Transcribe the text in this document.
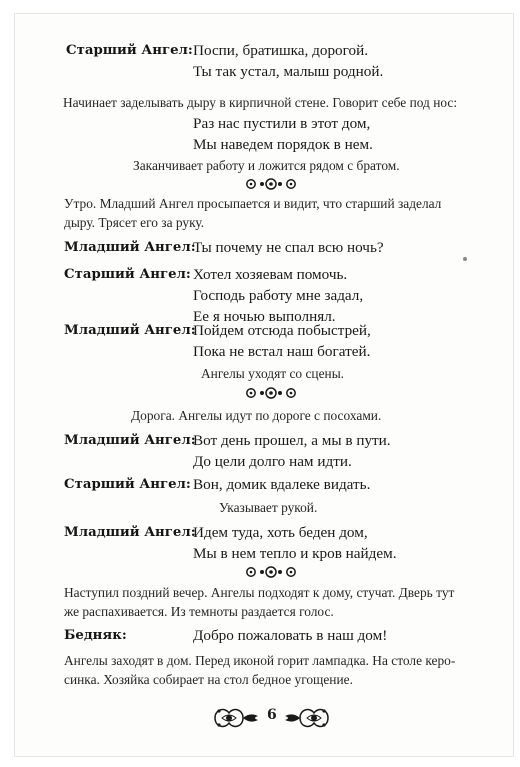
Старший Ангел: Поспи, братишка, дорогой.
Ты так устал, малыш родной.
Начинает заделывать дыру в кирпичной стене. Говорит себе под нос:
Раз нас пустили в этот дом,
Мы наведем порядок в нем.
Заканчивает работу и ложится рядом с братом.
Утро. Младший Ангел просыпается и видит, что старший заделал
дыру. Трясет его за руку.
Младший Ангел:
Ты почему не спал всю ночь?
Старший Ангел: Хотел хозяевам помочь.
Господь работу мне задал,
Ее я ночью выполнял.
Младший Ангел:
Пойдем отсюда побыстрей,
Пока не встал наш богатей.
Ангелы уходят со сцены.
Дорога. Ангелы идут по дороге с посохами.
Младший Ангел:
Вот день прошел, а мы в пути.
До цели долго нам идти.
Старший Ангел: Вон, домик вдалеке видать.
Указывает рукой.
Младший Ангел:
Идем туда, хоть беден дом,
Мы в нем тепло и кров найдем.
Наступил поздний вечер. Ангелы подходят к дому, стучат. Дверь тут
же распахивается. Из темноты раздается голос.
Бедняк:	Добро пожаловать в наш дом!
Ангелы заходят в дом. Перед иконой горит лампадка. На столе керо-
синка. Хозяйка собирает на стол бедное угощение.
6
